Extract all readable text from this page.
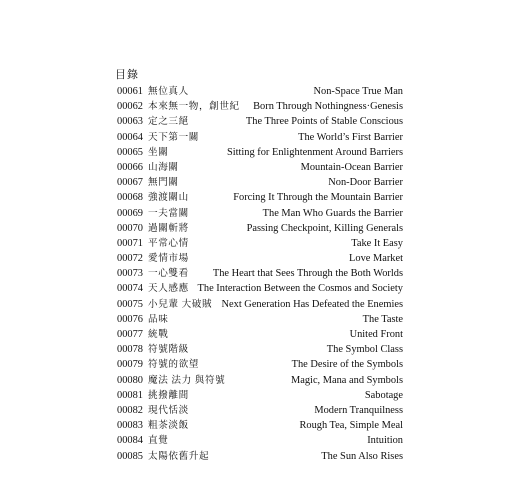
目錄
00061 無位真人	Non-Space True Man
00062 本來無一物，創世紀 Born Through Nothingness·Genesis
00063 定之三絕	The Three Points of Stable Conscious
00064 天下第一關	The World’s First Barrier
00065 坐關	Sitting for Enlightenment Around Barriers
00066 山海關	Mountain-Ocean Barrier
00067 無門關	Non-Door Barrier
00068 強渡關山	Forcing It Through the Mountain Barrier
00069 一夫當關	The Man Who Guards the Barrier
00070 過關斬將	Passing Checkpoint, Killing Generals
00071 平常心情	Take It Easy
00072 愛情市場	Love Market
00073 一心雙看 The Heart that Sees Through the Both Worlds
00074 天人感應 The Interaction Between the Cosmos and Society
00075 小兒輩 大破賊 Next Generation Has Defeated the Enemies
00076 品味	The Taste
00077 統戰	United Front
00078 符號階級	The Symbol Class
00079 符號的欲望	The Desire of the Symbols
00080 魔法 法力 與符號	Magic, Mana and Symbols
00081 挑撥離間	Sabotage
00082 現代恬淡	Modern Tranquilness
00083 粗茶淡飯	Rough Tea, Simple Meal
00084 直覺	Intuition
00085 太陽依舊升起	The Sun Also Rises
